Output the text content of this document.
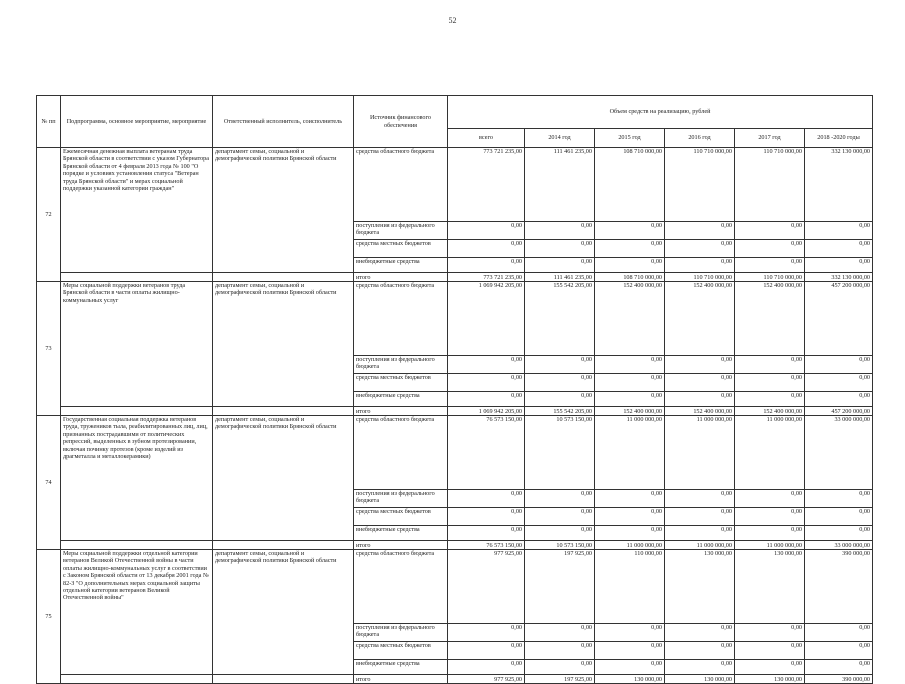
52
№ пп	Подпрограмма, основное мероприятие, мероприятие	Ответственный исполнитель, соисполнитель	Источник финансового обеспечения	Объем средств на реализацию, рублей					
				всего	2014 год	2015 год	2016 год	2017 год	2018 -2020 годы
72	Ежемесячная денежная выплата ветеранам труда Брянской области в соответствии с указом Губернатора Брянской области от 4 февраля 2013 года № 100 "О порядке и условиях установления статуса "Ветеран труда Брянской области" и мерах социальной поддержки указанной категории граждан"	департамент семьи, социальной и демографической политики Брянской области	средства областного бюджета	773 721 235,00	111 461 235,00	108 710 000,00	110 710 000,00	110 710 000,00	332 130 000,00
			поступления из федерального бюджета	0,00	0,00	0,00	0,00	0,00	0,00
			средства местных бюджетов	0,00	0,00	0,00	0,00	0,00	0,00
			внебюджетные средства	0,00	0,00	0,00	0,00	0,00	0,00
			итого	773 721 235,00	111 461 235,00	108 710 000,00	110 710 000,00	110 710 000,00	332 130 000,00
73	Меры социальной поддержки ветеранов труда Брянской области в части оплаты жилищно-коммунальных услуг	департамент семьи, социальной и демографической политики Брянской области	средства областного бюджета	1 069 942 205,00	155 542 205,00	152 400 000,00	152 400 000,00	152 400 000,00	457 200 000,00
			поступления из федерального бюджета	0,00	0,00	0,00	0,00	0,00	0,00
			средства местных бюджетов	0,00	0,00	0,00	0,00	0,00	0,00
			внебюджетные средства	0,00	0,00	0,00	0,00	0,00	0,00
			итого	1 069 942 205,00	155 542 205,00	152 400 000,00	152 400 000,00	152 400 000,00	457 200 000,00
74	Государственная социальная поддержка ветеранов труда, тружеников тыла, реабилитированных лиц, лиц, признанных пострадавшими от политических репрессий, выделенных в зубном протезировании, включая починку протезов (кроме изделий из драгметалла и металлокерамики)	департамент семьи, социальной и демографической политики Брянской области	средства областного бюджета	76 573 150,00	10 573 150,00	11 000 000,00	11 000 000,00	11 000 000,00	33 000 000,00
			поступления из федерального бюджета	0,00	0,00	0,00	0,00	0,00	0,00
			средства местных бюджетов	0,00	0,00	0,00	0,00	0,00	0,00
			внебюджетные средства	0,00	0,00	0,00	0,00	0,00	0,00
			итого	76 573 150,00	10 573 150,00	11 000 000,00	11 000 000,00	11 000 000,00	33 000 000,00
75	Меры социальной поддержки отдельной категории ветеранов Великой Отечественной войны в части оплаты жилищно-коммунальных услуг в соответствии с Законом Брянской области от 13 декабря 2001 года № 82-З "О дополнительных мерах социальной защиты отдельной категории ветеранов Великой Отечественной войны"	департамент семьи, социальной и демографической политики Брянской области	средства областного бюджета	977 925,00	197 925,00	110 000,00	130 000,00	130 000,00	390 000,00
			поступления из федерального бюджета	0,00	0,00	0,00	0,00	0,00	0,00
			средства местных бюджетов	0,00	0,00	0,00	0,00	0,00	0,00
			внебюджетные средства	0,00	0,00	0,00	0,00	0,00	0,00
			итого	977 925,00	197 925,00	130 000,00	130 000,00	130 000,00	390 000,00
